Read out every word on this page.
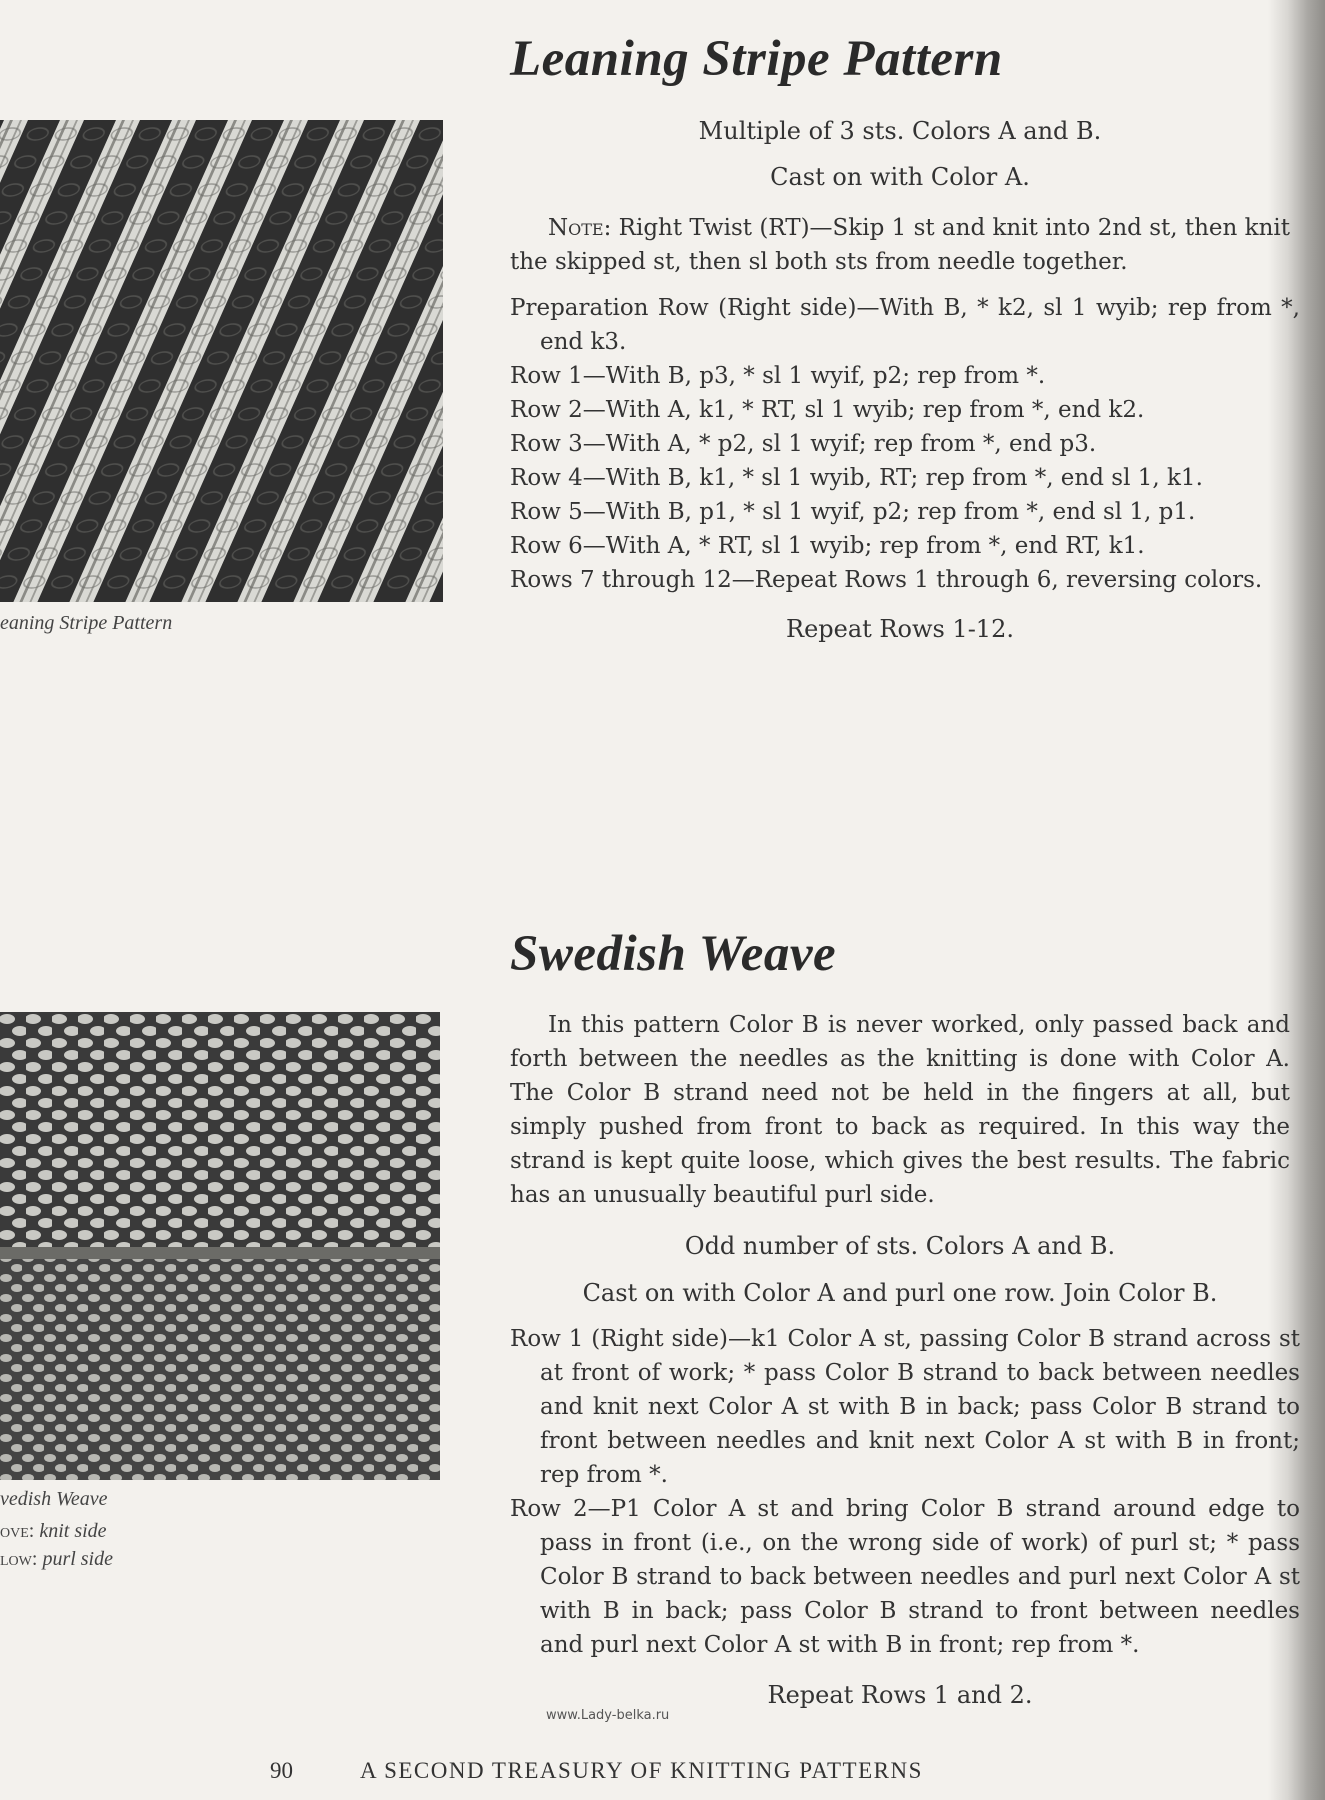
Leaning Stripe Pattern
eaning Stripe Pattern
Multiple of 3 sts. Colors A and B.
Cast on with Color A.

Note: Right Twist (RT)—Skip 1 st and knit into 2nd st, then knit the skipped st, then sl both sts from needle together.

Preparation Row (Right side)—With B, * k2, sl 1 wyib; rep from *, end k3.
Row 1—With B, p3, * sl 1 wyif, p2; rep from *.
Row 2—With A, k1, * RT, sl 1 wyib; rep from *, end k2.
Row 3—With A, * p2, sl 1 wyif; rep from *, end p3.
Row 4—With B, k1, * sl 1 wyib, RT; rep from *, end sl 1, k1.
Row 5—With B, p1, * sl 1 wyif, p2; rep from *, end sl 1, p1.
Row 6—With A, * RT, sl 1 wyib; rep from *, end RT, k1.
Rows 7 through 12—Repeat Rows 1 through 6, reversing colors.
Repeat Rows 1-12.
Swedish Weave
vedish Weave
ove: knit side
low: purl side

In this pattern Color B is never worked, only passed back and forth between the needles as the knitting is done with Color A. The Color B strand need not be held in the fingers at all, but simply pushed from front to back as required. In this way the strand is kept quite loose, which gives the best results. The fabric has an unusually beautiful purl side.

Odd number of sts. Colors A and B.
Cast on with Color A and purl one row. Join Color B.
Row 1 (Right side)—k1 Color A st, passing Color B strand across st at front of work; * pass Color B strand to back between needles and knit next Color A st with B in back; pass Color B strand to front between needles and knit next Color A st with B in front; rep from *.
Row 2—P1 Color A st and bring Color B strand around edge to pass in front (i.e., on the wrong side of work) of purl st; * pass Color B strand to back between needles and purl next Color A st with B in back; pass Color B strand to front between needles and purl next Color A st with B in front; rep from *.
Repeat Rows 1 and 2.
www.Lady-belka.ru
90	A SECOND TREASURY OF KNITTING PATTERNS
